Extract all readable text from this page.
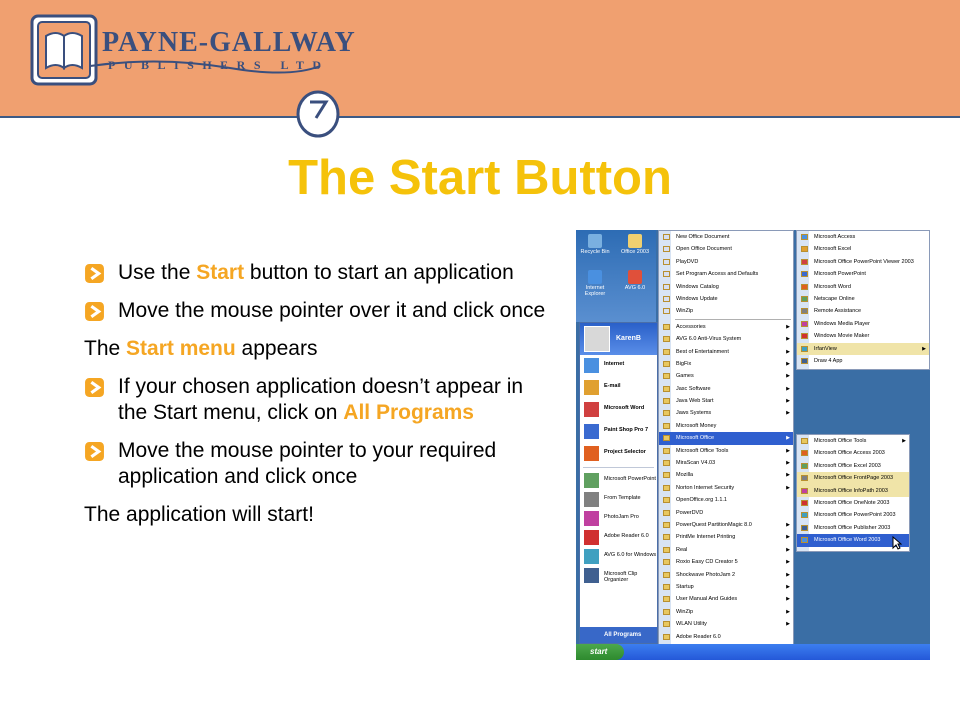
PAYNE-GALLWAY
PUBLISHERS LTD
The Start Button
Use the Start button to start an application
Move the mouse pointer over it and click once
The Start menu appears
If your chosen application doesn’t appear in the Start menu, click on All Programs
Move the mouse pointer to your required application and click once
The application will start!
Recycle Bin	Office 2003
Internet Explorer
AVG 6.0
KarenB
Internet
E-mail
Microsoft Word
Paint Shop Pro 7
Project Selector
Microsoft PowerPoint
From Template
PhotoJam Pro
Adobe Reader 6.0
AVG 6.0 for Windows
Microsoft Clip Organizer
All Programs
New Office Document
Open Office Document
PlayDVD
Set Program Access and Defaults
Windows Catalog
Windows Update
WinZip
Accessories	▶
AVG 6.0 Anti-Virus System	▶
Best of Entertainment	▶
BigFix	▶
Games	▶
Jasc Software	▶
Java Web Start	▶
Jaws Systems	▶
Microsoft Money
Microsoft Office	▶
Microsoft Office Tools	▶
MiraScan V4.03	▶
Mozilla	▶
Norton Internet Security	▶
OpenOffice.org 1.1.1
PowerDVD
PowerQuest PartitionMagic 8.0	▶
PrintMe Internet Printing	▶
Real	▶
Roxio Easy CD Creator 5	▶
Shockwave PhotoJam 2	▶
Startup	▶
User Manual And Guides	▶
WinZip	▶
WLAN Utility	▶
Adobe Reader 6.0
Microsoft Access
Microsoft Excel
Microsoft Office PowerPoint Viewer 2003
Microsoft PowerPoint
Microsoft Word
Netscape Online
Remote Assistance
Windows Media Player
Windows Movie Maker
IrfanView	▶
Draw 4 App
Microsoft Office Tools	▶
Microsoft Office Access 2003
Microsoft Office Excel 2003
Microsoft Office FrontPage 2003
Microsoft Office InfoPath 2003
Microsoft Office OneNote 2003
Microsoft Office PowerPoint 2003
Microsoft Office Publisher 2003
Microsoft Office Word 2003
start
